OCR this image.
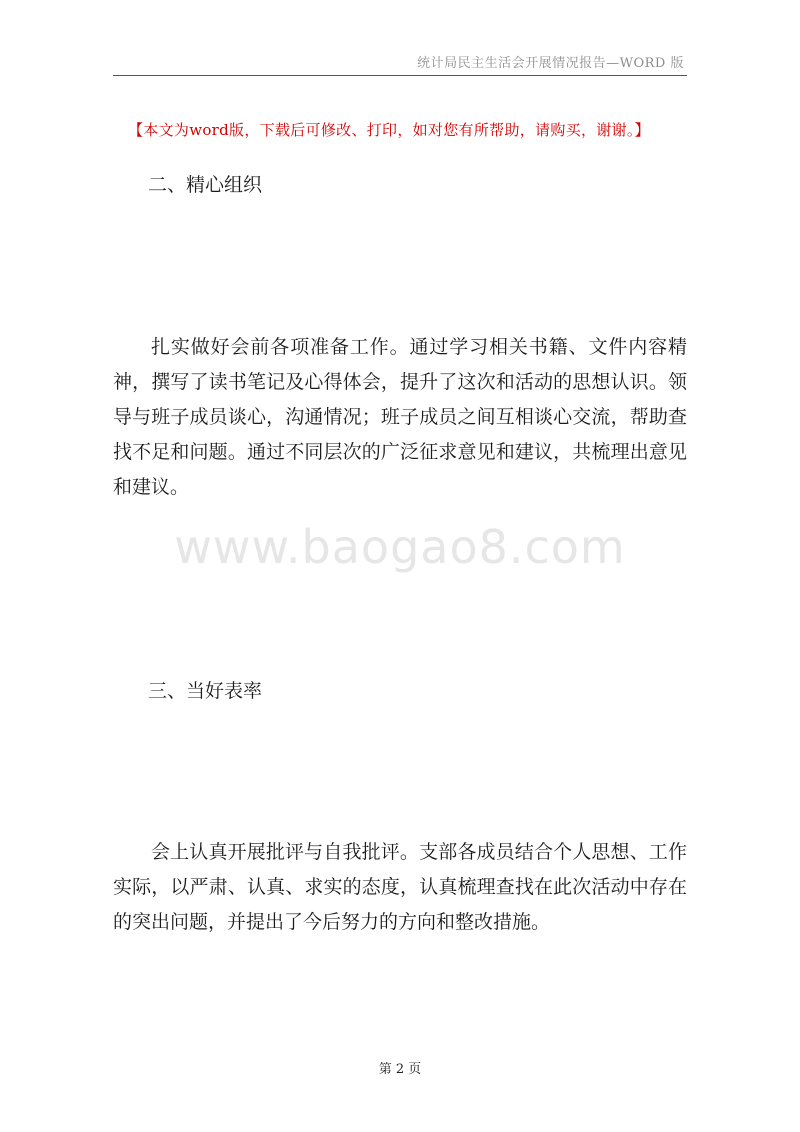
统计局民主生活会开展情况报告—WORD 版
【本文为word版，下载后可修改、打印，如对您有所帮助，请购买，谢谢。】
二、精心组织

扎实做好会前各项准备工作。通过学习相关书籍、文件内容精神，撰写了读书笔记及心得体会，提升了这次和活动的思想认识。领导与班子成员谈心，沟通情况；班子成员之间互相谈心交流，帮助查找不足和问题。通过不同层次的广泛征求意见和建议，共梳理出意见和建议。

www.baogao8.com
三、当好表率

会上认真开展批评与自我批评。支部各成员结合个人思想、工作实际，以严肃、认真、求实的态度，认真梳理查找在此次活动中存在的突出问题，并提出了今后努力的方向和整改措施。

第 2 页
